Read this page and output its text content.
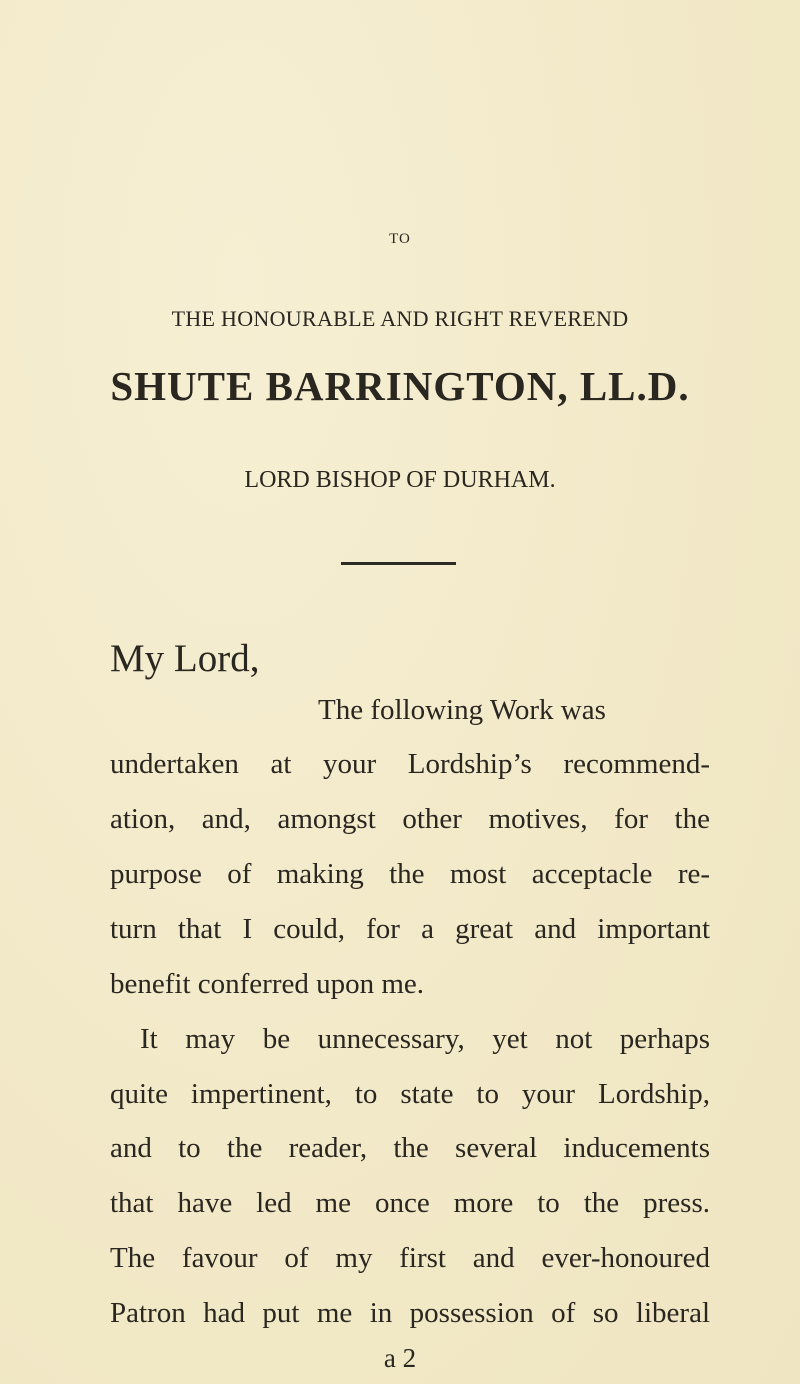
TO
THE HONOURABLE AND RIGHT REVEREND
SHUTE BARRINGTON, LL.D.
LORD BISHOP OF DURHAM.
My Lord,
The following Work was
undertaken at your Lordship’s recommend-
ation, and, amongst other motives, for the
purpose of making the most acceptacle re-
turn that I could, for a great and important
benefit conferred upon me.
It may be unnecessary, yet not perhaps
quite impertinent, to state to your Lordship,
and to the reader, the several inducements
that have led me once more to the press.
The favour of my first and ever-honoured
Patron had put me in possession of so liberal
a 2
